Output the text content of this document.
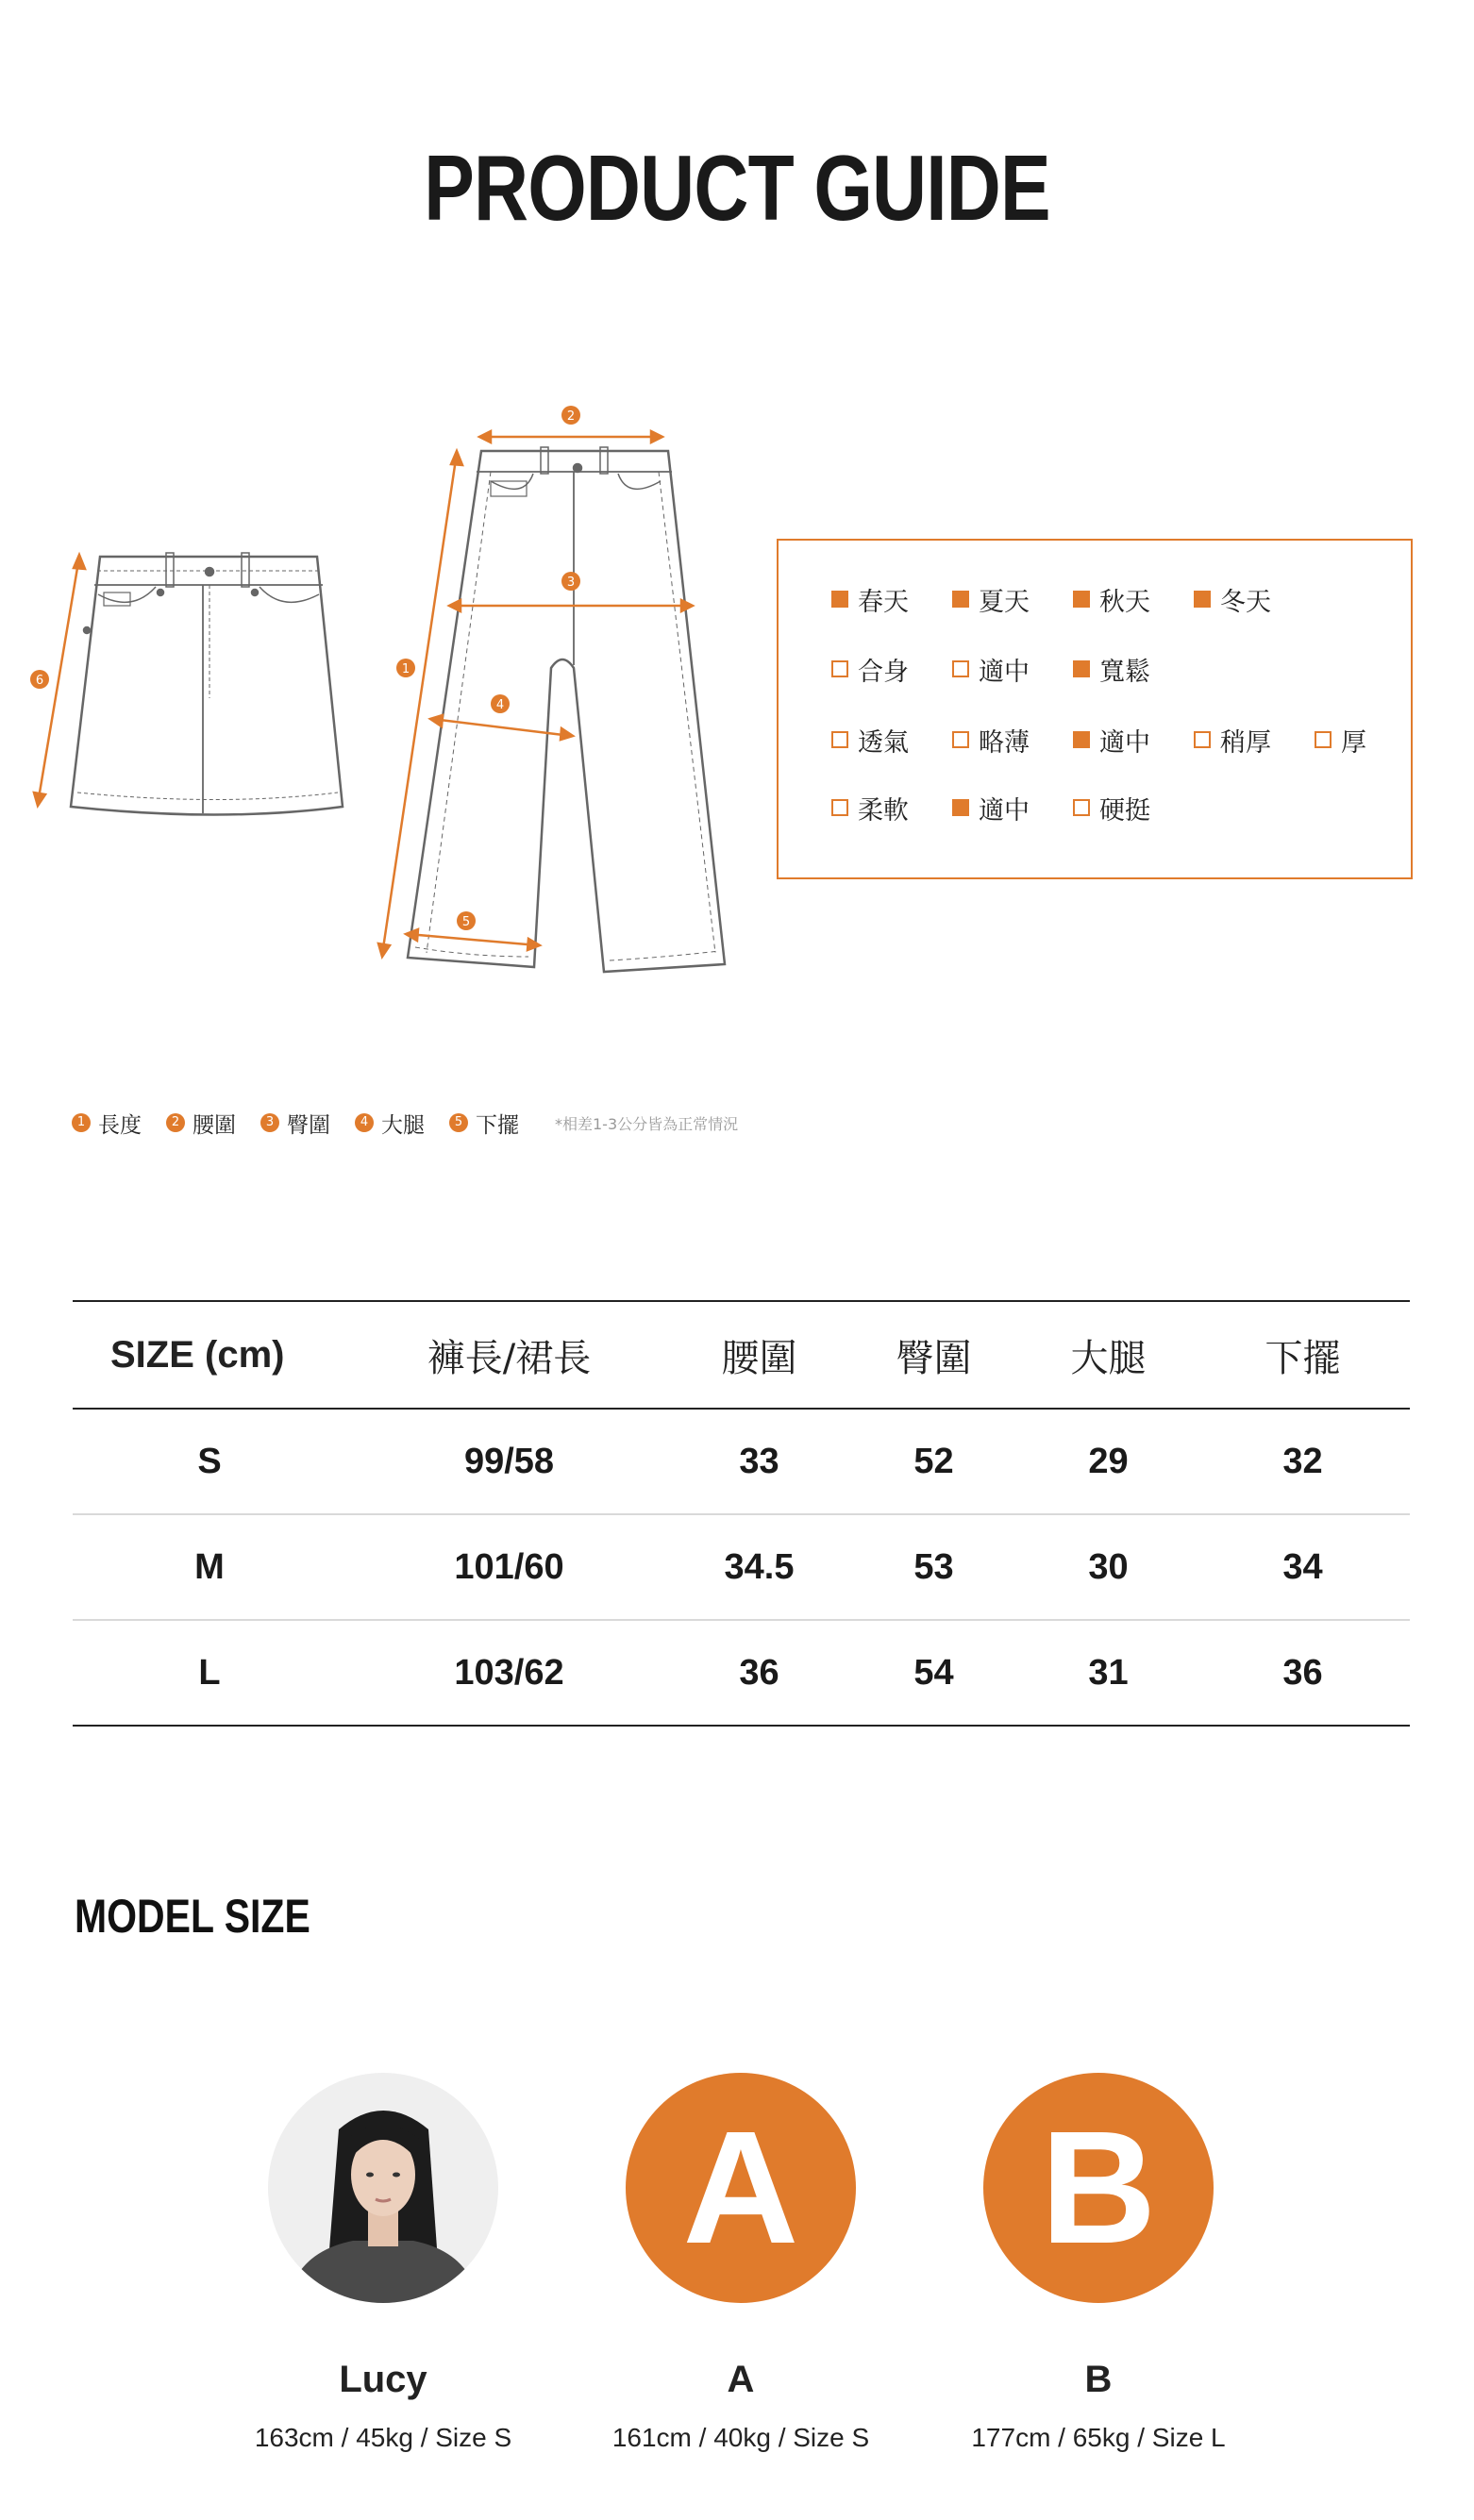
PRODUCT GUIDE
6
1
2
3
4
5
春天	夏天	秋天	冬天
合身	適中	寬鬆
透氣	略薄	適中	稍厚	厚
柔軟	適中	硬挺
1 長度	2 腰圍	3 臀圍	4 大腿	5 下擺 *相差1-3公分皆為正常情況
SIZE (cm)	褲長/裙長	腰圍	臀圍	大腿	下擺
S	99/58	33	52	29	32
M	101/60	34.5	53	30	34
L	103/62	36	54	31	36
MODEL SIZE
A	B
Lucy	A	B
163cm / 45kg / Size S	161cm / 40kg / Size S	177cm / 65kg / Size L
